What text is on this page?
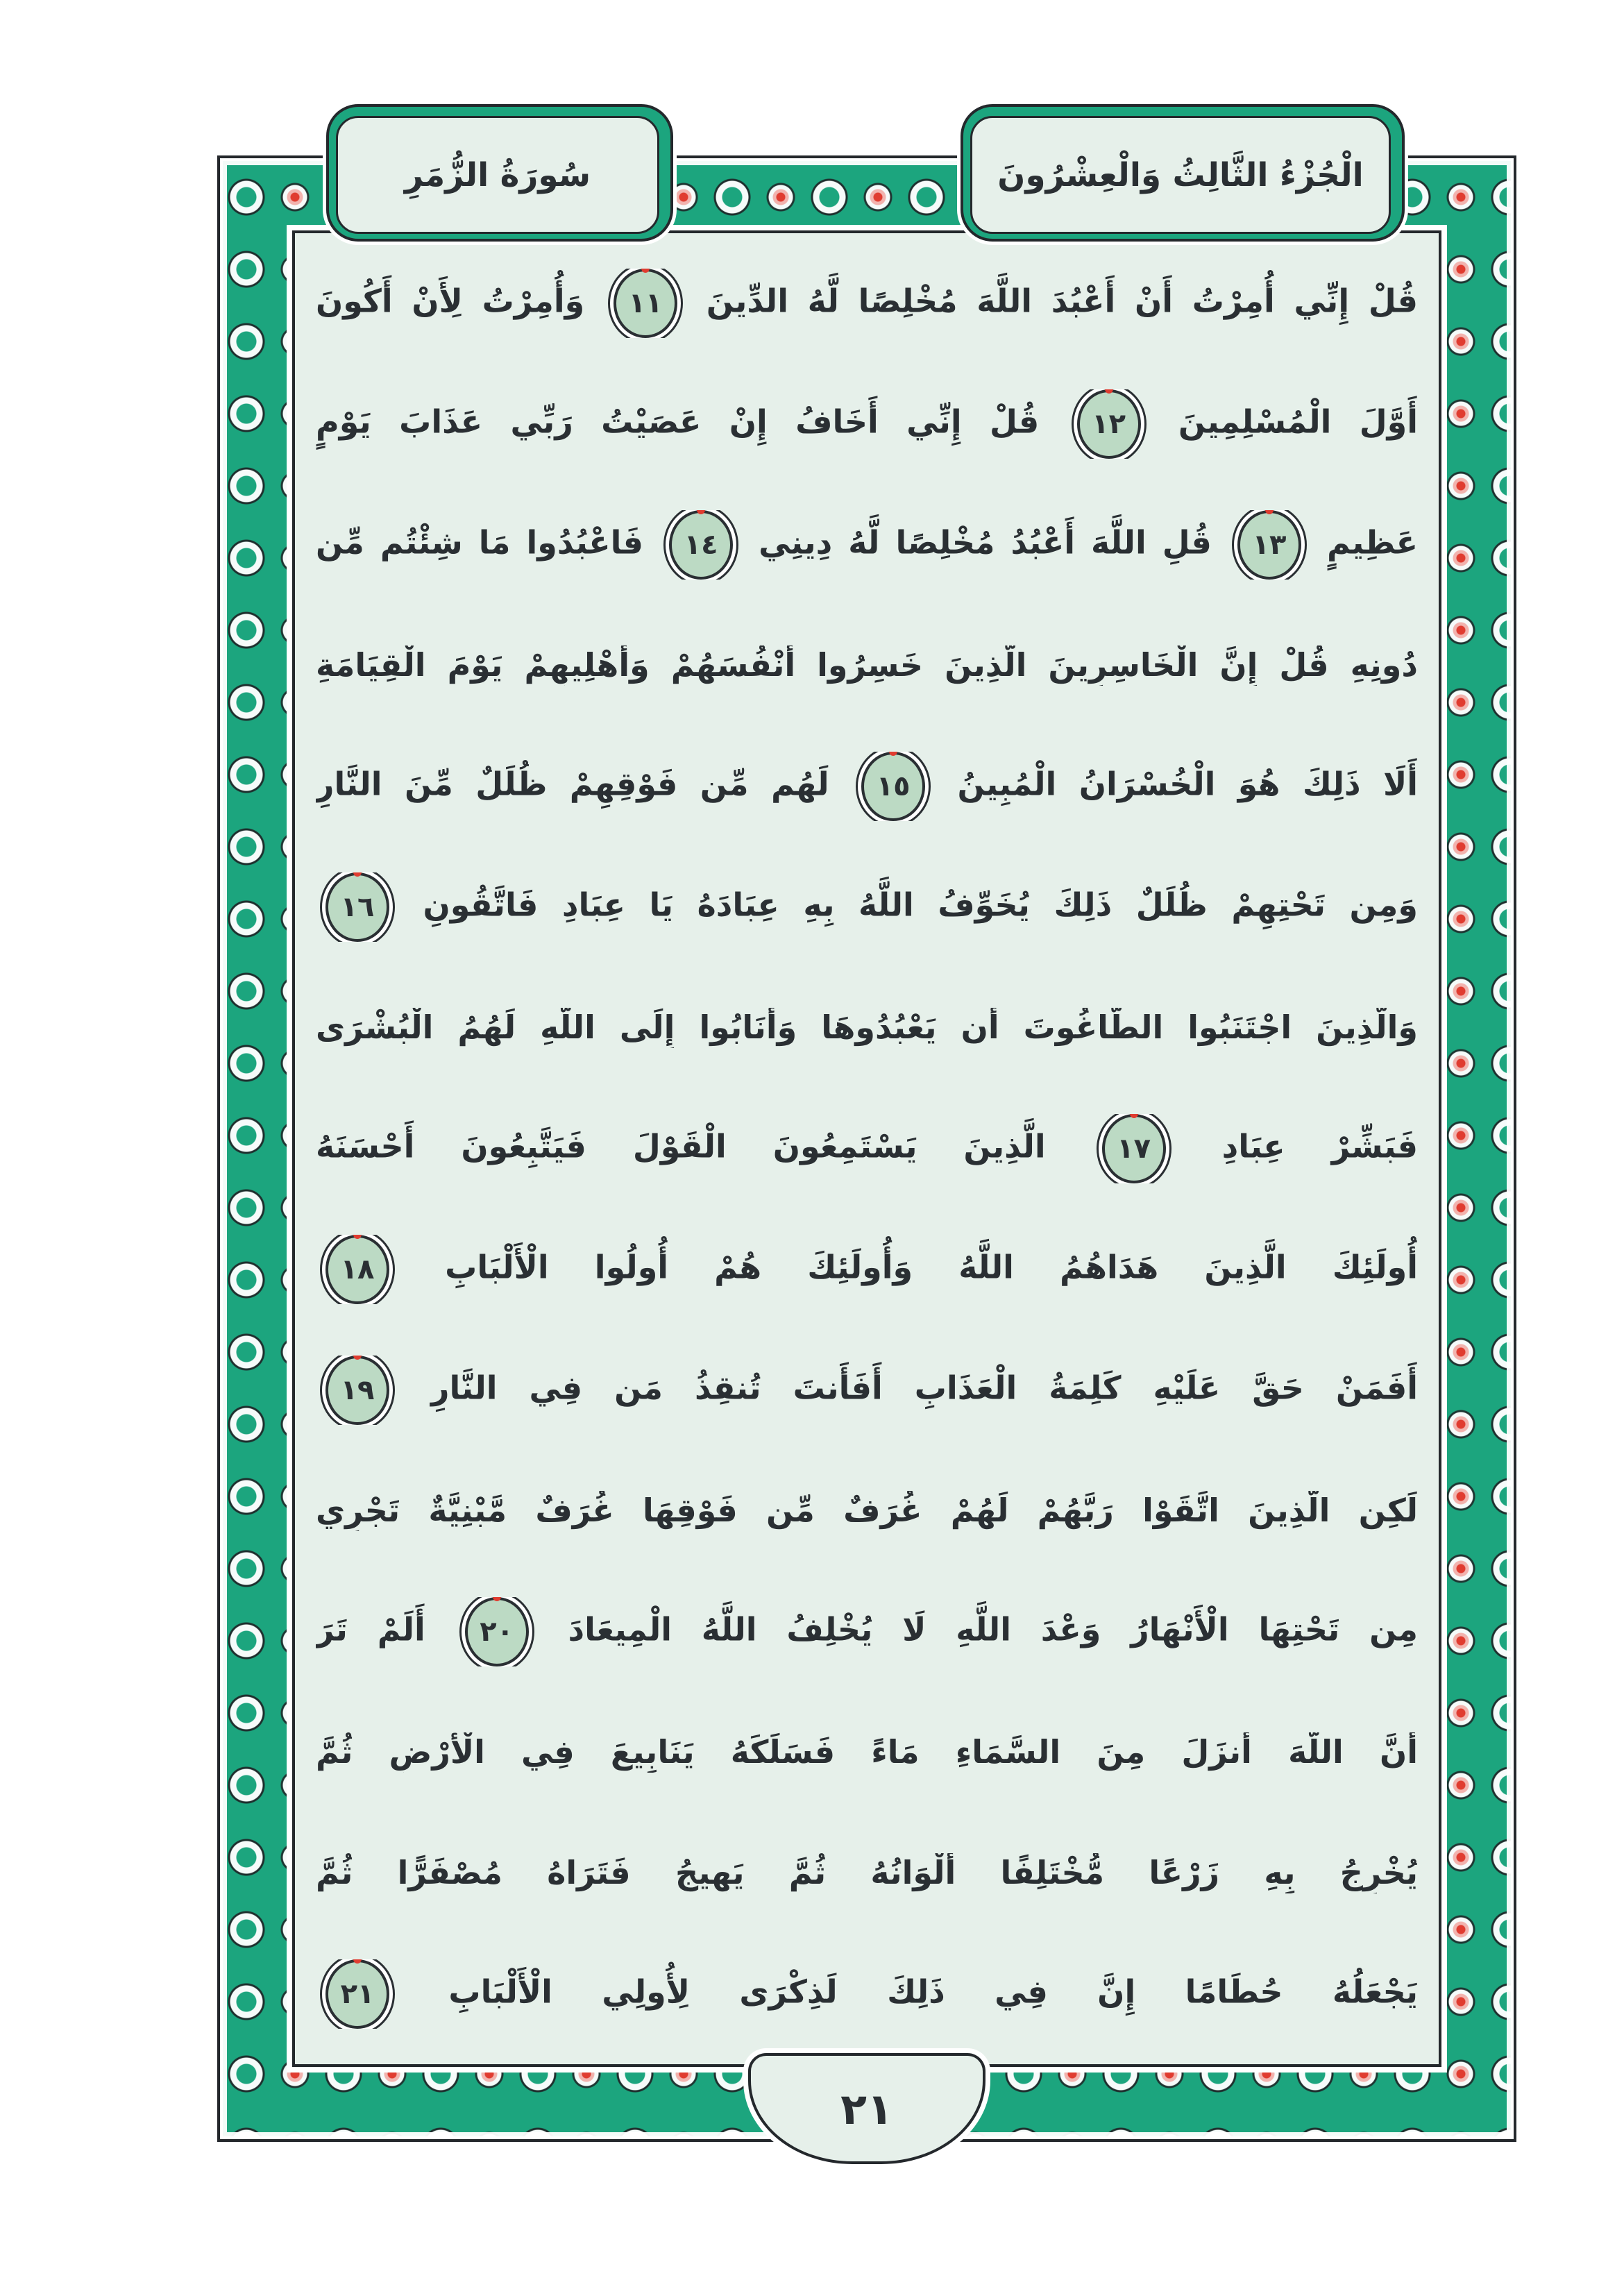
قُلْ إِنِّي أُمِرْتُ أَنْ أَعْبُدَ اللَّهَ مُخْلِصًا لَّهُ الدِّينَ
١١
وَأُمِرْتُ لِأَنْ أَكُونَ
أَوَّلَ الْمُسْلِمِينَ
١٢
قُلْ إِنِّي أَخَافُ إِنْ عَصَيْتُ رَبِّي عَذَابَ يَوْمٍ
عَظِيمٍ
١٣
قُلِ اللَّهَ أَعْبُدُ مُخْلِصًا لَّهُ دِينِي
١٤
فَاعْبُدُوا مَا شِئْتُم مِّن
دُونِهِ قُلْ إِنَّ الْخَاسِرِينَ الَّذِينَ خَسِرُوا أَنْفُسَهُمْ وَأَهْلِيهِمْ يَوْمَ الْقِيَامَةِ
أَلَا ذَلِكَ هُوَ الْخُسْرَانُ الْمُبِينُ
١٥
لَهُم مِّن فَوْقِهِمْ ظُلَلٌ مِّنَ النَّارِ
وَمِن تَحْتِهِمْ ظُلَلٌ ذَلِكَ يُخَوِّفُ اللَّهُ بِهِ عِبَادَهُ يَا عِبَادِ فَاتَّقُونِ
١٦
وَالَّذِينَ اجْتَنَبُوا الطَّاغُوتَ أَن يَعْبُدُوهَا وَأَنَابُوا إِلَى اللَّهِ لَهُمُ الْبُشْرَى
فَبَشِّرْ عِبَادِ
١٧
الَّذِينَ يَسْتَمِعُونَ الْقَوْلَ فَيَتَّبِعُونَ أَحْسَنَهُ
أُولَئِكَ الَّذِينَ هَدَاهُمُ اللَّهُ وَأُولَئِكَ هُمْ أُولُوا الْأَلْبَابِ
١٨
أَفَمَنْ حَقَّ عَلَيْهِ كَلِمَةُ الْعَذَابِ أَفَأَنتَ تُنقِذُ مَن فِي النَّارِ
١٩
لَكِنِ الَّذِينَ اتَّقَوْا رَبَّهُمْ لَهُمْ غُرَفٌ مِّن فَوْقِهَا غُرَفٌ مَّبْنِيَّةٌ تَجْرِي
مِن تَحْتِهَا الْأَنْهَارُ وَعْدَ اللَّهِ لَا يُخْلِفُ اللَّهُ الْمِيعَادَ
٢٠
أَلَمْ تَرَ
أَنَّ اللَّهَ أَنزَلَ مِنَ السَّمَاءِ مَاءً فَسَلَكَهُ يَنَابِيعَ فِي الْأَرْضِ ثُمَّ
يُخْرِجُ بِهِ زَرْعًا مُّخْتَلِفًا أَلْوَانُهُ ثُمَّ يَهِيجُ فَتَرَاهُ مُصْفَرًّا ثُمَّ
يَجْعَلُهُ حُطَامًا إِنَّ فِي ذَلِكَ لَذِكْرَى لِأُولِي الْأَلْبَابِ
٢١
سُورَةُ الزُّمَرِ	الْجُزْءُ الثَّالِثُ وَالْعِشْرُونَ
٢١
